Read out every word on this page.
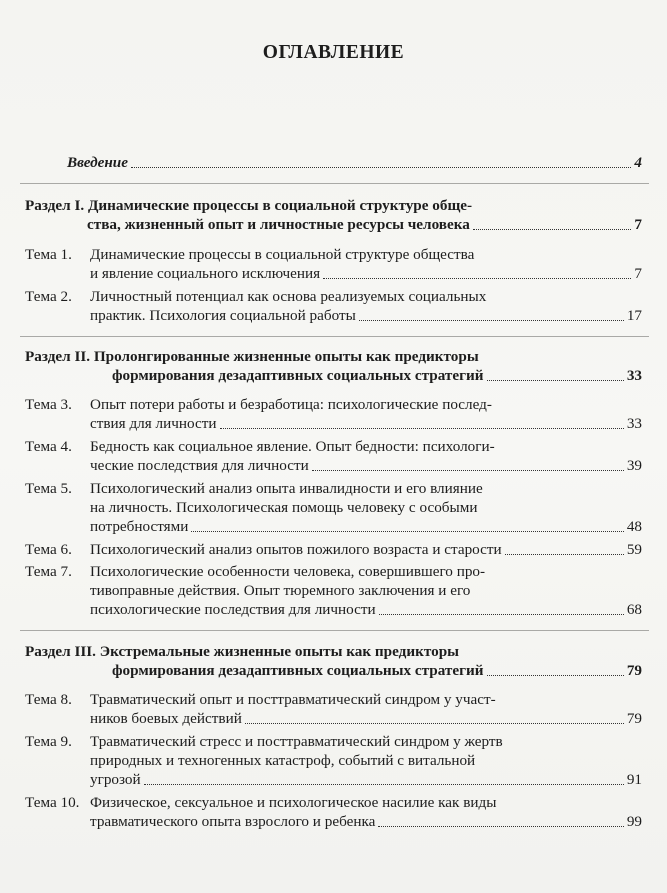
ОГЛАВЛЕНИЕ
Введение	4
Раздел I. Динамические процессы в социальной структуре обще-
ства, жизненный опыт и личностные ресурсы человека	7
Тема 1. Динамические процессы в социальной структуре общества
и явление социального исключения	7
Тема 2. Личностный потенциал как основа реализуемых социальных
практик. Психология социальной работы	17
Раздел II. Пролонгированные жизненные опыты как предикторы
формирования дезадаптивных социальных стратегий	33
Тема 3. Опыт потери работы и безработица: психологические послед-
ствия для личности	33
Тема 4. Бедность как социальное явление. Опыт бедности: психологи-
ческие последствия для личности	39
Тема 5. Психологический анализ опыта инвалидности и его влияние
на личность. Психологическая помощь человеку с особыми
потребностями	48
Тема 6. Психологический анализ опытов пожилого возраста и старости	59
Тема 7. Психологические особенности человека, совершившего про-
тивоправные действия. Опыт тюремного заключения и его
психологические последствия для личности	68
Раздел III. Экстремальные жизненные опыты как предикторы
формирования дезадаптивных социальных стратегий	79
Тема 8. Травматический опыт и посттравматический синдром у участ-
ников боевых действий	79
Тема 9. Травматический стресс и посттравматический синдром у жертв
природных и техногенных катастроф, событий с витальной
угрозой	91
Тема 10. Физическое, сексуальное и психологическое насилие как виды
травматического опыта взрослого и ребенка	99
